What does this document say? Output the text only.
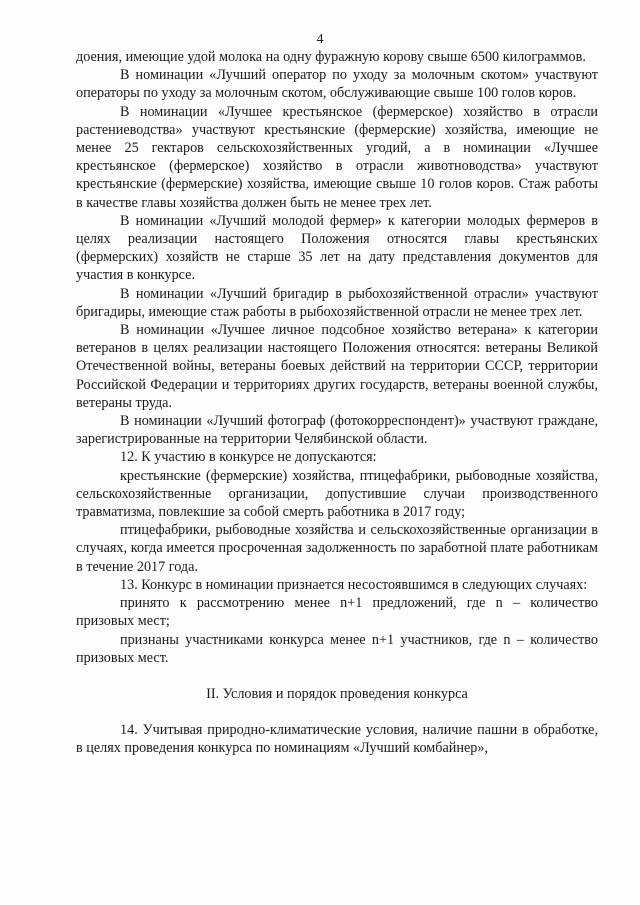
4

доения, имеющие удой молока на одну фуражную корову свыше 6500 килограммов.

В номинации «Лучший оператор по уходу за молочным скотом» участвуют операторы по уходу за молочным скотом, обслуживающие свыше 100 голов коров.

В номинации «Лучшее крестьянское (фермерское) хозяйство в отрасли растениеводства» участвуют крестьянские (фермерские) хозяйства, имеющие не менее 25 гектаров сельскохозяйственных угодий, а в номинации «Лучшее крестьянское (фермерское) хозяйство в отрасли животноводства» участвуют крестьянские (фермерские) хозяйства, имеющие свыше 10 голов коров. Стаж работы в качестве главы хозяйства должен быть не менее трех лет.

В номинации «Лучший молодой фермер» к категории молодых фермеров в целях реализации настоящего Положения относятся главы крестьянских (фермерских) хозяйств не старше 35 лет на дату представления документов для участия в конкурсе.

В номинации «Лучший бригадир в рыбохозяйственной отрасли» участвуют бригадиры, имеющие стаж работы в рыбохозяйственной отрасли не менее трех лет.

В номинации «Лучшее личное подсобное хозяйство ветерана» к категории ветеранов в целях реализации настоящего Положения относятся: ветераны Великой Отечественной войны, ветераны боевых действий на территории СССР, территории Российской Федерации и территориях других государств, ветераны военной службы, ветераны труда.

В номинации «Лучший фотограф (фотокорреспондент)» участвуют граждане, зарегистрированные на территории Челябинской области.

12. К участию в конкурсе не допускаются:

крестьянские (фермерские) хозяйства, птицефабрики, рыбоводные хозяйства, сельскохозяйственные организации, допустившие случаи производственного травматизма, повлекшие за собой смерть работника в 2017 году;

птицефабрики, рыбоводные хозяйства и сельскохозяйственные организации в случаях, когда имеется просроченная задолженность по заработной плате работникам в течение 2017 года.

13. Конкурс в номинации признается несостоявшимся в следующих случаях:

принято к рассмотрению менее n+1 предложений, где n – количество призовых мест;

признаны участниками конкурса менее n+1 участников, где n – количество призовых мест.

II. Условия и порядок проведения конкурса

14. Учитывая природно-климатические условия, наличие пашни в обработке, в целях проведения конкурса по номинациям «Лучший комбайнер»,
